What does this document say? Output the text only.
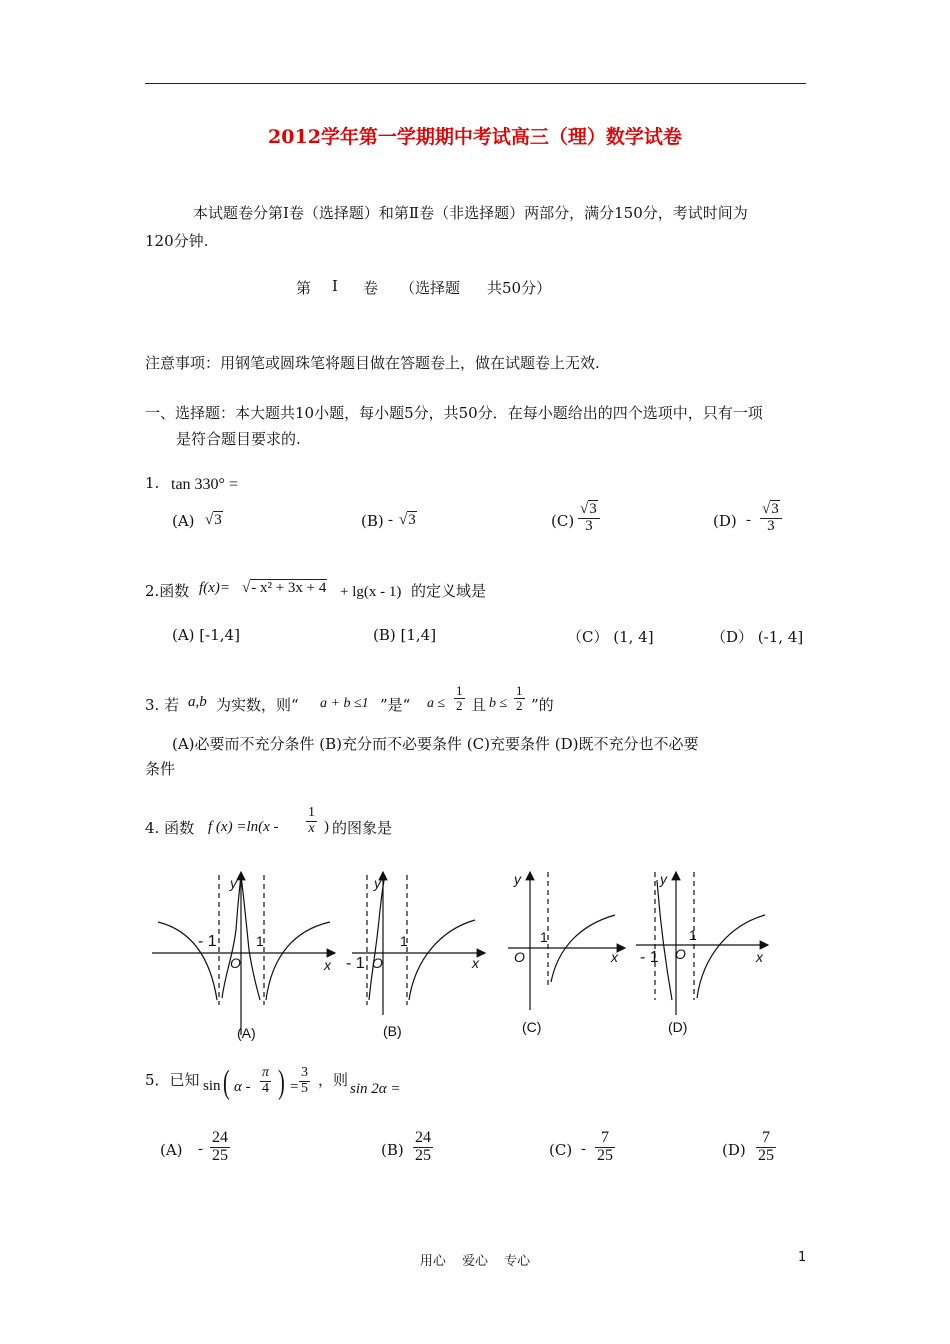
2012学年第一学期期中考试高三（理）数学试卷
本试题卷分第Ⅰ卷（选择题）和第Ⅱ卷（非选择题）两部分，满分150分，考试时间为
120分钟.
第 Ⅰ 卷 （选择题 共50分）
注意事项：用钢笔或圆珠笔将题目做在答题卷上，做在试题卷上无效.
一、选择题：本大题共10小题，每小题5分，共50分．在每小题给出的四个选项中，只有一项
是符合题目要求的.
1. tan 330° =
(A) √3	(B) - √3	$(C) \frac{√3}{3}$	$(D) - \frac{√3}{3}$
2.函数 f(x)= √- x² + 3x + 4 + lg(x - 1) 的定义域是
(A) [-1,4]	(B) [1,4]	（C） (1, 4]	（D） (-1, 4]
3. 若 a,b 为实数，则“ a + b ≤1 ”是“ $a \le \frac{1}{2}$ 且 $b \le \frac{1}{2}$ ”的
(A)必要而不充分条件 (B)充分而不必要条件 (C)充要条件 (D)既不充分也不必要
条件
4. 函数 f $(x) =\ln(x - \frac{1}{x}$ ) 的图象是
y
x
O
1
- 1
(A)
y
x
O
1
- 1
(B)
y
x
O
1
(C)
y
x
O
1
- 1
(D)
5．已知 sin ( α - $\frac{\pi}{4}$ ) = $\frac{3}{5}$ ，则 sin 2α =
$(A) - \frac{24}{25}$	$(B) \frac{24}{25}$	$(C) - \frac{7}{25}$	$(D) \frac{7}{25}$
用心 爱心 专心	1
